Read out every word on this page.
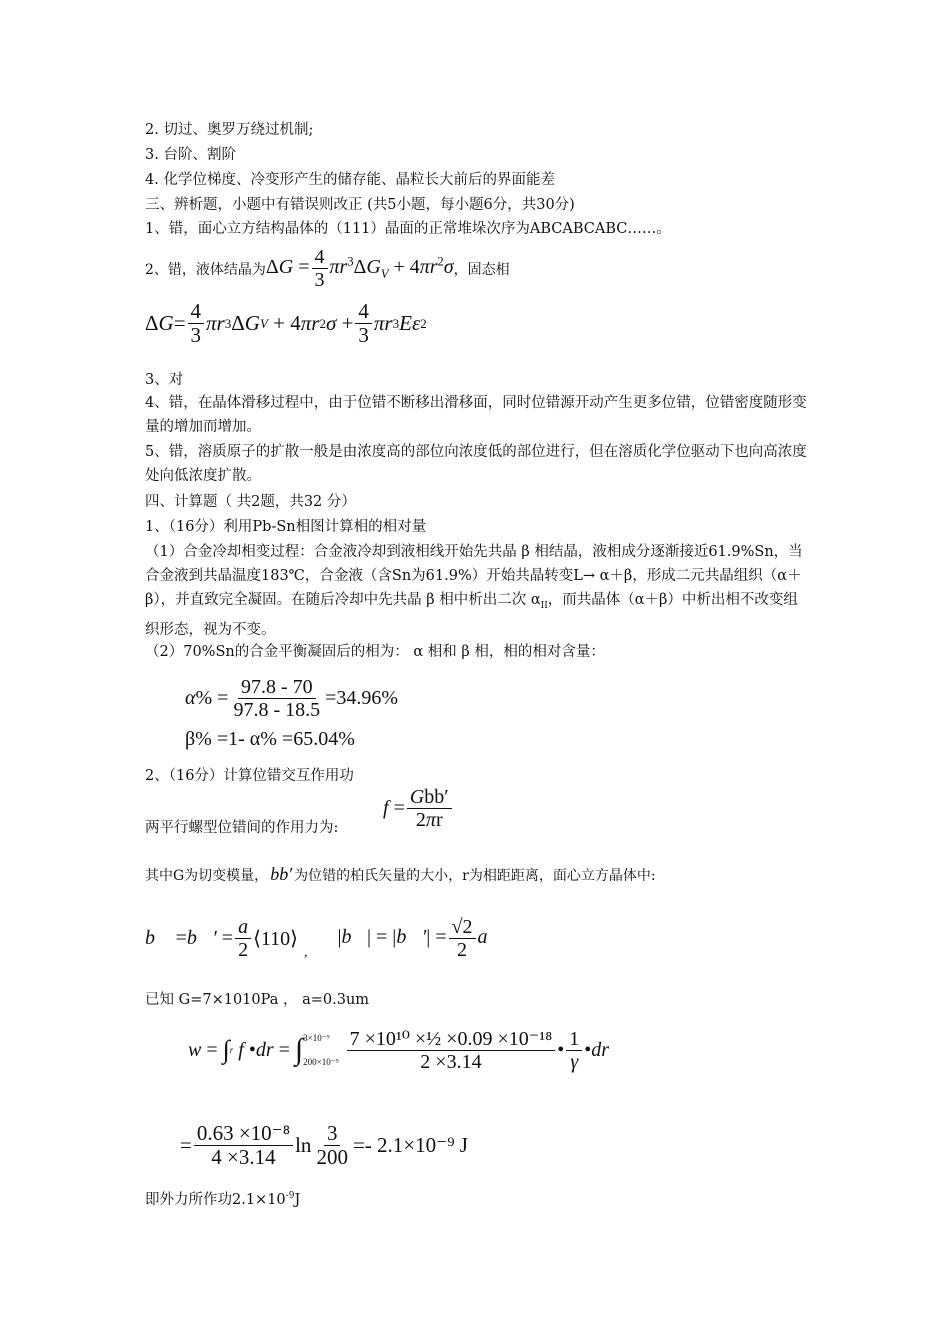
2. 切过、奥罗万绕过机制;
3. 台阶、割阶
4. 化学位梯度、冷变形产生的储存能、晶粒长大前后的界面能差
三、辨析题，小题中有错误则改正 (共5小题，每小题6分，共30分)
1、错，面心立方结构晶体的（111）晶面的正常堆垛次序为ABCABCABC……。
2、错，液体结晶为 $\Delta G = \frac{4}{3} \pi r^3\Delta G_V + 4\pi r^2\sigma$ ，固态相
Δ $G = \frac{4}{3}$ πr 3 Δ G V + 4 πr 2 $\sigma + \frac{4}{3}$ πr 3 Eε 2
3、对
4、错，在晶体滑移过程中，由于位错不断移出滑移面，同时位错源开动产生更多位错，位错密度随形变量的增加而增加。
5、错，溶质原子的扩散一般是由浓度高的部位向浓度低的部位进行，但在溶质化学位驱动下也向高浓度处向低浓度扩散。
四、计算题（ 共2题，共32 分）
1、（16分）利用Pb-Sn相图计算相的相对量
（1）合金冷却相变过程：合金液冷却到液相线开始先共晶 β 相结晶，液相成分逐渐接近61.9%Sn，当合金液到共晶温度183℃，合金液（含Sn为61.9%）开始共晶转变L→ α＋β，形成二元共晶组织（α＋β），并直致完全凝固。在随后冷却中先共晶 β 相中析出二次 $\alpha_{II}$，而共晶体（α＋β）中析出相不改变组织形态，视为不变。
（2）70%Sn的合金平衡凝固后的相为： α 相和 β 相，相的相对含量：
α % = $\frac{97.8 - 70}{97.8 - 18.5} =34.96\%$
β% =1- α% =65.04%
2、（16分）计算位错交互作用功
$f = \frac{\text{Gbb′}}{2\pi r}$
两平行螺型位错间的作用力为:
其中G为切变模量， bb′ 为位错的柏氏矢量的大小，r为相距距离，面心立方晶体中:
b⃗ = b⃗′ = $\frac{a}{2}$ ⟨110⟩
,
|b⃗| = |b⃗′| = $\frac{√2}{2}$ a
已知 G=7×1010Pa ， a=0.3um
w = ∫ r
f • dr = ∫ 3×10⁻⁹
$200\times 10^{-9} \frac{\text{7 ×10¹⁰ ×½ ×0.09 ×10⁻¹⁸}}{2 \times 3.14}$ • $\frac{1}{\gamma}$ • dr
= $\frac{\text{0.63 ×10⁻⁸}}{4 \times 3.14}$ $\ln \frac{3}{200} =- 2.1\times 10^{-9}$ J
即外力所作功$2.1\times 10^{-9}J$
